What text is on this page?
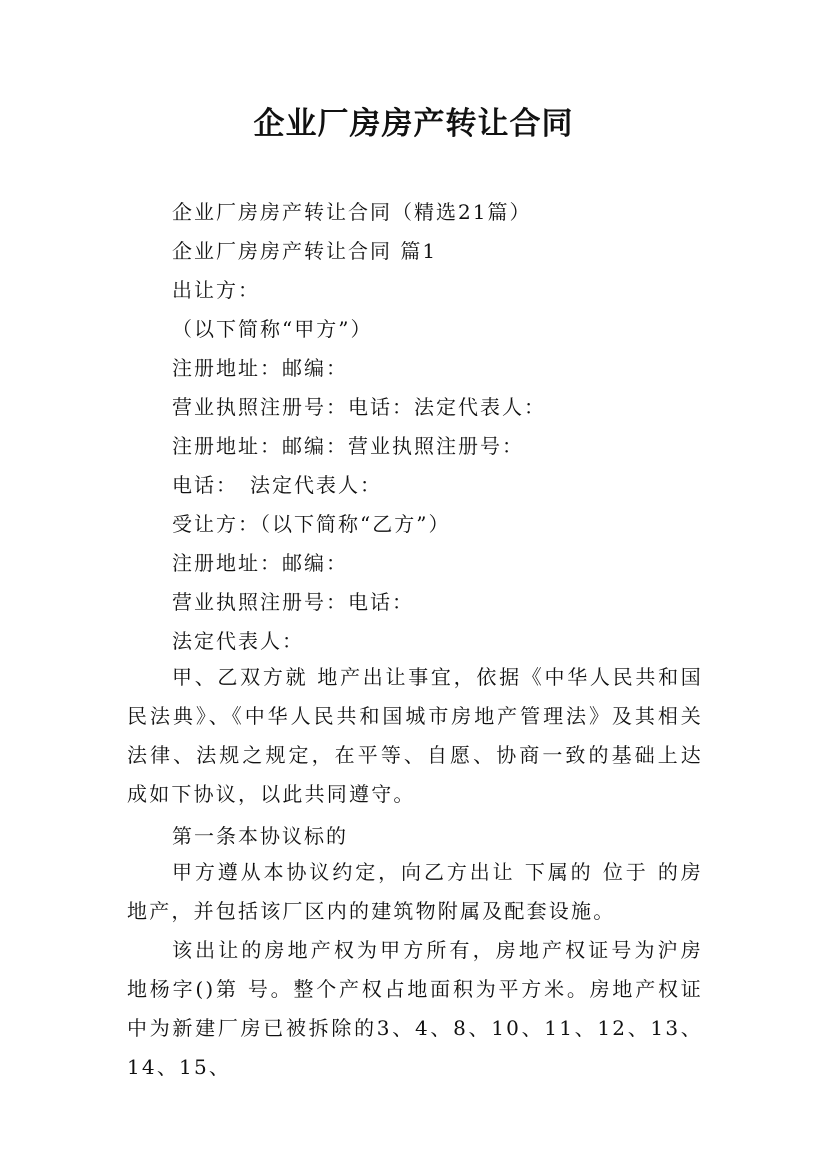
企业厂房房产转让合同
企业厂房房产转让合同（精选21篇）
企业厂房房产转让合同 篇1
出让方：
（以下简称“甲方”）
注册地址：邮编：
营业执照注册号：电话：法定代表人：
注册地址：邮编：营业执照注册号：
电话：　法定代表人：
受让方：（以下简称“乙方”）
注册地址：邮编：
营业执照注册号：电话：
法定代表人：
甲、乙双方就 地产出让事宜，依据《中华人民共和国民法典》、《中华人民共和国城市房地产管理法》及其相关法律、法规之规定，在平等、自愿、协商一致的基础上达成如下协议，以此共同遵守。
第一条本协议标的
甲方遵从本协议约定，向乙方出让 下属的 位于 的房地产，并包括该厂区内的建筑物附属及配套设施。
该出让的房地产权为甲方所有，房地产权证号为沪房地杨字()第 号。整个产权占地面积为平方米。房地产权证中为新建厂房已被拆除的3、4、8、10、11、12、13、14、15、
